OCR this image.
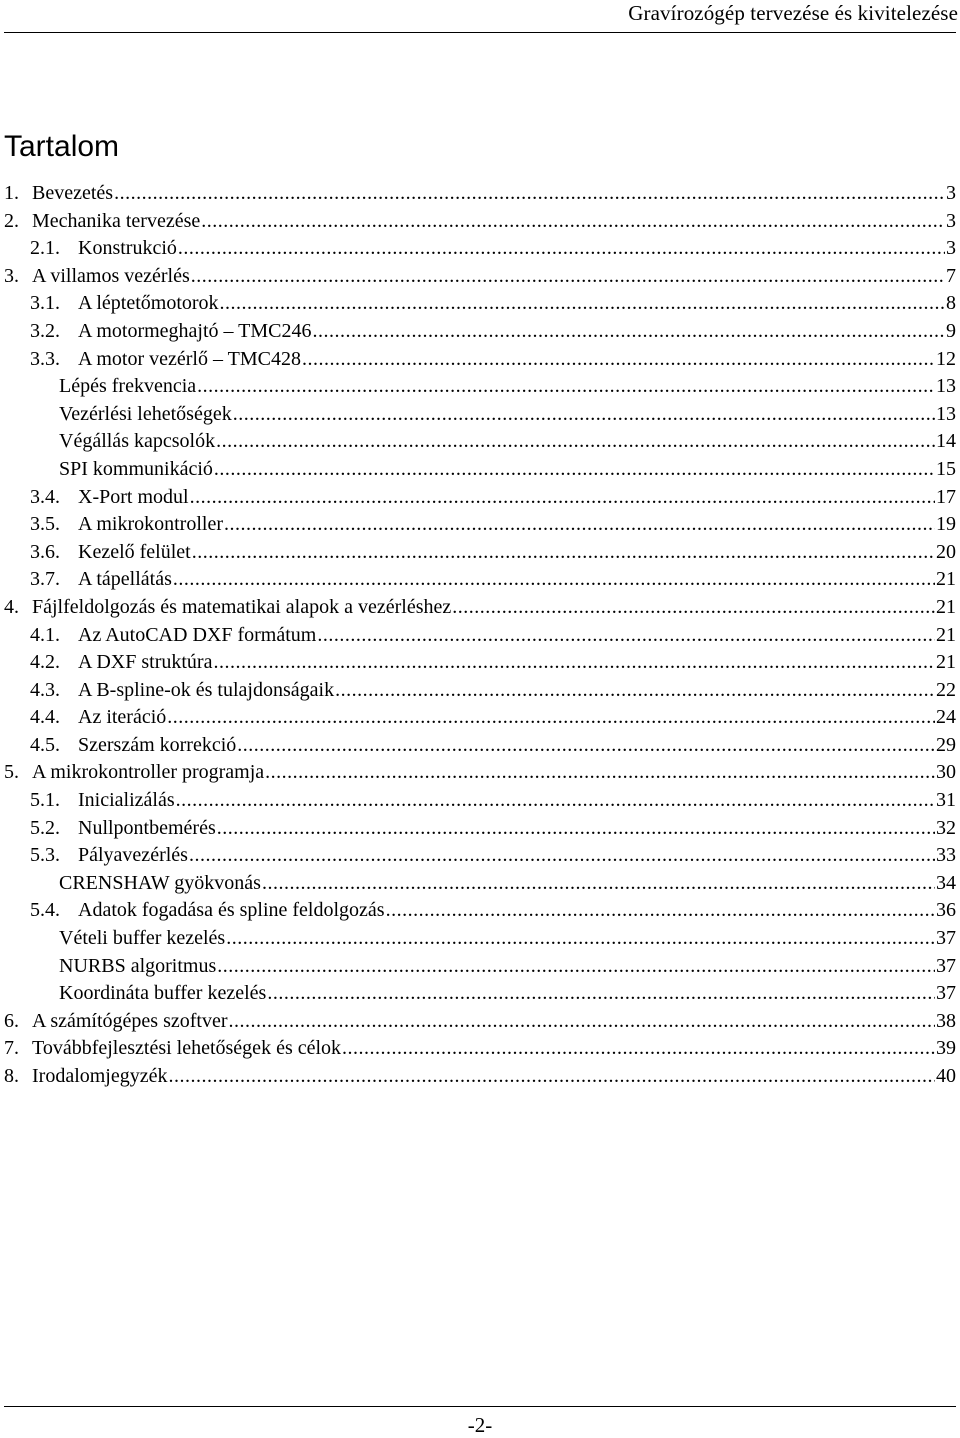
Gravírozógép tervezése és kivitelezése
Tartalom
1. Bevezetés .....	3
2. Mechanika tervezése .....	3
2.1. Konstrukció .....	3
3. A villamos vezérlés .....	7
3.1. A léptetőmotorok .....	8
3.2. A motormeghajtó – TMC246 .....	9
3.3. A motor vezérlő – TMC428 .....	12
Lépés frekvencia .....	13
Vezérlési lehetőségek .....	13
Végállás kapcsolók .....	14
SPI kommunikáció .....	15
3.4. X-Port modul .....	17
3.5. A mikrokontroller .....	19
3.6. Kezelő felület .....	20
3.7. A tápellátás .....	21
4. Fájlfeldolgozás és matematikai alapok a vezérléshez .....	21
4.1. Az AutoCAD DXF formátum .....	21
4.2. A DXF struktúra .....	21
4.3. A B-spline-ok és tulajdonságaik .....	22
4.4. Az iteráció .....	24
4.5. Szerszám korrekció .....	29
5. A mikrokontroller programja .....	30
5.1. Inicializálás .....	31
5.2. Nullpontbemérés .....	32
5.3. Pályavezérlés .....	33
CRENSHAW gyökvonás .....	34
5.4. Adatok fogadása és spline feldolgozás .....	36
Vételi buffer kezelés .....	37
NURBS algoritmus .....	37
Koordináta buffer kezelés .....	37
6. A számítógépes szoftver .....	38
7. Továbbfejlesztési lehetőségek és célok .....	39
8. Irodalomjegyzék .....	40
-2-
